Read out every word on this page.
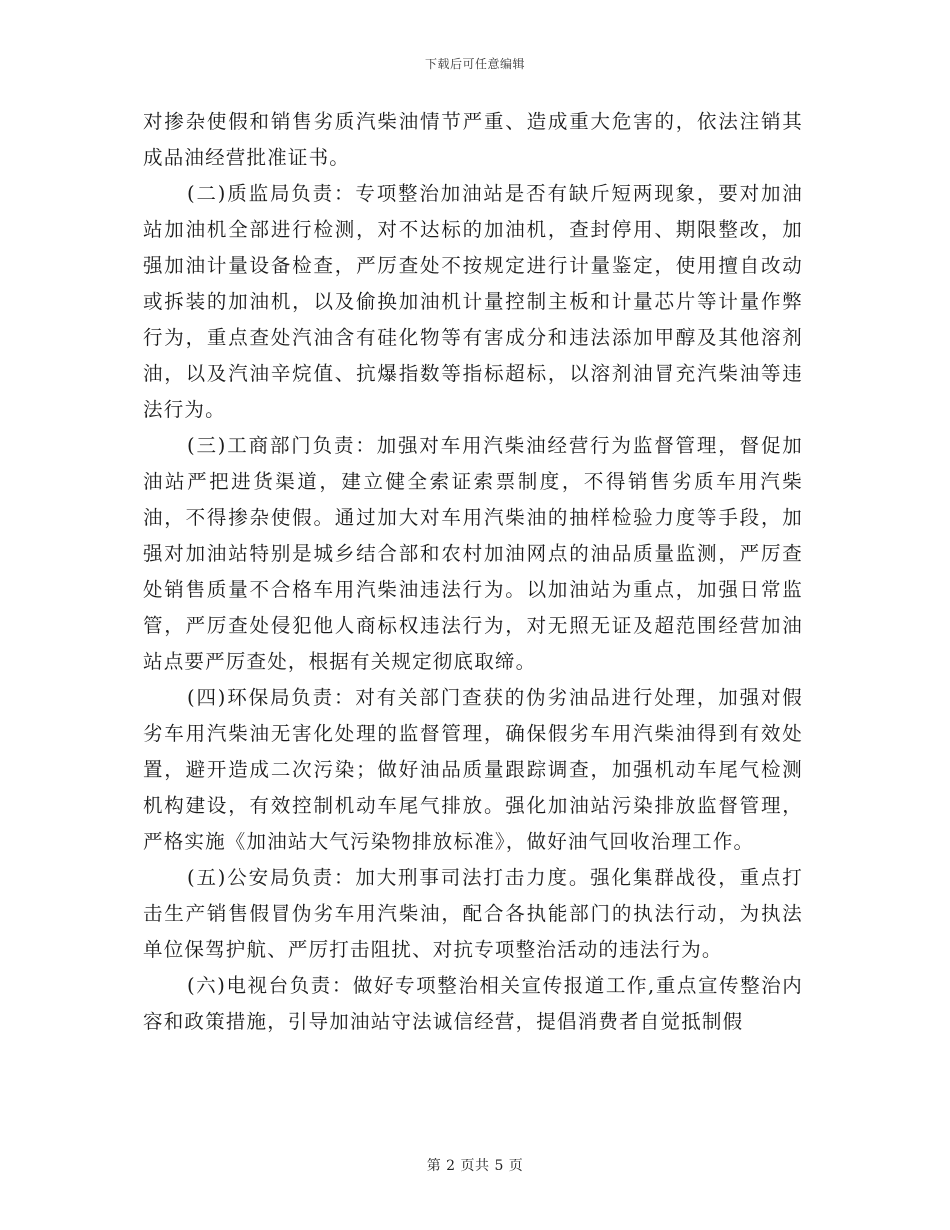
下载后可任意编辑

对掺杂使假和销售劣质汽柴油情节严重、造成重大危害的，依法注销其成品油经营批准证书。

(二)质监局负责：专项整治加油站是否有缺斤短两现象，要对加油站加油机全部进行检测，对不达标的加油机，查封停用、期限整改，加强加油计量设备检查，严厉查处不按规定进行计量鉴定，使用擅自改动或拆装的加油机，以及偷换加油机计量控制主板和计量芯片等计量作弊行为，重点查处汽油含有硅化物等有害成分和违法添加甲醇及其他溶剂油，以及汽油辛烷值、抗爆指数等指标超标，以溶剂油冒充汽柴油等违法行为。

(三)工商部门负责：加强对车用汽柴油经营行为监督管理，督促加油站严把进货渠道，建立健全索证索票制度，不得销售劣质车用汽柴油，不得掺杂使假。通过加大对车用汽柴油的抽样检验力度等手段，加强对加油站特别是城乡结合部和农村加油网点的油品质量监测，严厉查处销售质量不合格车用汽柴油违法行为。以加油站为重点，加强日常监管，严厉查处侵犯他人商标权违法行为，对无照无证及超范围经营加油站点要严厉查处，根据有关规定彻底取缔。

(四)环保局负责：对有关部门查获的伪劣油品进行处理，加强对假劣车用汽柴油无害化处理的监督管理，确保假劣车用汽柴油得到有效处置，避开造成二次污染；做好油品质量跟踪调查，加强机动车尾气检测机构建设，有效控制机动车尾气排放。强化加油站污染排放监督管理，严格实施《加油站大气污染物排放标准》，做好油气回收治理工作。

(五)公安局负责：加大刑事司法打击力度。强化集群战役，重点打击生产销售假冒伪劣车用汽柴油，配合各执能部门的执法行动，为执法单位保驾护航、严厉打击阻扰、对抗专项整治活动的违法行为。

(六)电视台负责：做好专项整治相关宣传报道工作,重点宣传整治内容和政策措施，引导加油站守法诚信经营，提倡消费者自觉抵制假

第 2 页共 5 页
